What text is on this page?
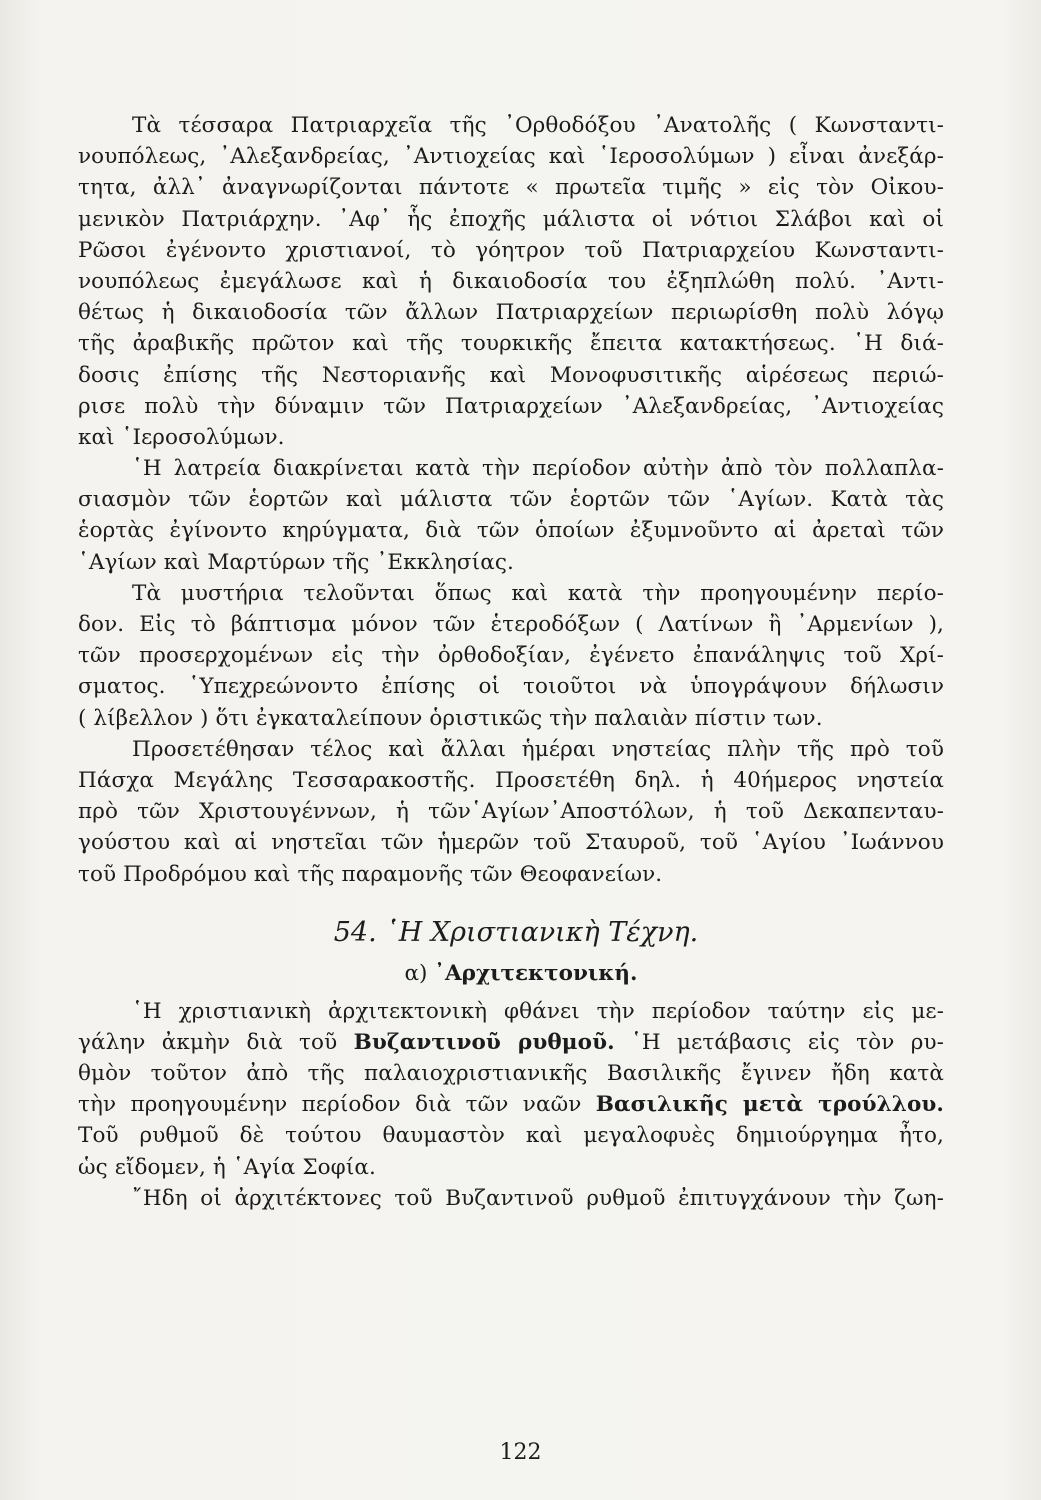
Τὰ τέσσαρα Πατριαρχεῖα τῆς ᾿Ορθοδόξου ᾿Ανατολῆς ( Κωνσταντι-
νουπόλεως, ᾿Αλεξανδρείας, ᾿Αντιοχείας καὶ ῾Ιεροσολύμων ) εἶναι ἀνεξάρ-
τητα, ἀλλ᾿ ἀναγνωρίζονται πάντοτε « πρωτεῖα τιμῆς » εἰς τὸν Οἰκου-
μενικὸν Πατριάρχην. ᾿Αφ᾿ ἧς ἐποχῆς μάλιστα οἱ νότιοι Σλάβοι καὶ οἱ
Ρῶσοι ἐγένοντο χριστιανοί, τὸ γόητρον τοῦ Πατριαρχείου Κωνσταντι-
νουπόλεως ἐμεγάλωσε καὶ ἡ δικαιοδοσία του ἐξηπλώθη πολύ. ᾿Αντι-
θέτως ἡ δικαιοδοσία τῶν ἄλλων Πατριαρχείων περιωρίσθη πολὺ λόγῳ
τῆς ἀραβικῆς πρῶτον καὶ τῆς τουρκικῆς ἔπειτα κατακτήσεως. ῾Η διά-
δοσις ἐπίσης τῆς Νεστοριανῆς καὶ Μονοφυσιτικῆς αἱρέσεως περιώ-
ρισε πολὺ τὴν δύναμιν τῶν Πατριαρχείων ᾿Αλεξανδρείας, ᾿Αντιοχείας
καὶ ῾Ιεροσολύμων.
῾Η λατρεία διακρίνεται κατὰ τὴν περίοδον αὐτὴν ἀπὸ τὸν πολλαπλα-
σιασμὸν τῶν ἑορτῶν καὶ μάλιστα τῶν ἑορτῶν τῶν ῾Αγίων. Κατὰ τὰς
ἑορτὰς ἐγίνοντο κηρύγματα, διὰ τῶν ὁποίων ἐξυμνοῦντο αἱ ἀρεταὶ τῶν
῾Αγίων καὶ Μαρτύρων τῆς ᾿Εκκλησίας.
Τὰ μυστήρια τελοῦνται ὅπως καὶ κατὰ τὴν προηγουμένην περίο-
δον. Εἰς τὸ βάπτισμα μόνον τῶν ἑτεροδόξων ( Λατίνων ἢ ᾿Αρμενίων ),
τῶν προσερχομένων εἰς τὴν ὀρθοδοξίαν, ἐγένετο ἐπανάληψις τοῦ Χρί-
σματος. ῾Υπεχρεώνοντο ἐπίσης οἱ τοιοῦτοι νὰ ὑπογράψουν δήλωσιν
( λίβελλον ) ὅτι ἐγκαταλείπουν ὁριστικῶς τὴν παλαιὰν πίστιν των.
Προσετέθησαν τέλος καὶ ἄλλαι ἡμέραι νηστείας πλὴν τῆς πρὸ τοῦ
Πάσχα Μεγάλης Τεσσαρακοστῆς. Προσετέθη δηλ. ἡ 40ήμερος νηστεία
πρὸ τῶν Χριστουγέννων, ἡ τῶν῾Αγίων᾿Αποστόλων, ἡ τοῦ Δεκαπενταυ-
γούστου καὶ αἱ νηστεῖαι τῶν ἡμερῶν τοῦ Σταυροῦ, τοῦ ῾Αγίου ᾿Ιωάννου
τοῦ Προδρόμου καὶ τῆς παραμονῆς τῶν Θεοφανείων.
54. ῾Η Χριστιανικὴ Τέχνη.
α) ᾿Αρχιτεκτονική.
῾Η χριστιανικὴ ἀρχιτεκτονικὴ φθάνει τὴν περίοδον ταύτην εἰς με-
γάλην ἀκμὴν διὰ τοῦ Βυζαντινοῦ ρυθμοῦ. ῾Η μετάβασις εἰς τὸν ρυ-
θμὸν τοῦτον ἀπὸ τῆς παλαιοχριστιανικῆς Βασιλικῆς ἔγινεν ἤδη κατὰ
τὴν προηγουμένην περίοδον διὰ τῶν ναῶν Βασιλικῆς μετὰ τρούλλου.
Τοῦ ρυθμοῦ δὲ τούτου θαυμαστὸν καὶ μεγαλοφυὲς δημιούργημα ἦτο,
ὡς εἴδομεν, ἡ ῾Αγία Σοφία.
῎Ηδη οἱ ἀρχιτέκτονες τοῦ Βυζαντινοῦ ρυθμοῦ ἐπιτυγχάνουν τὴν ζωη-
122
